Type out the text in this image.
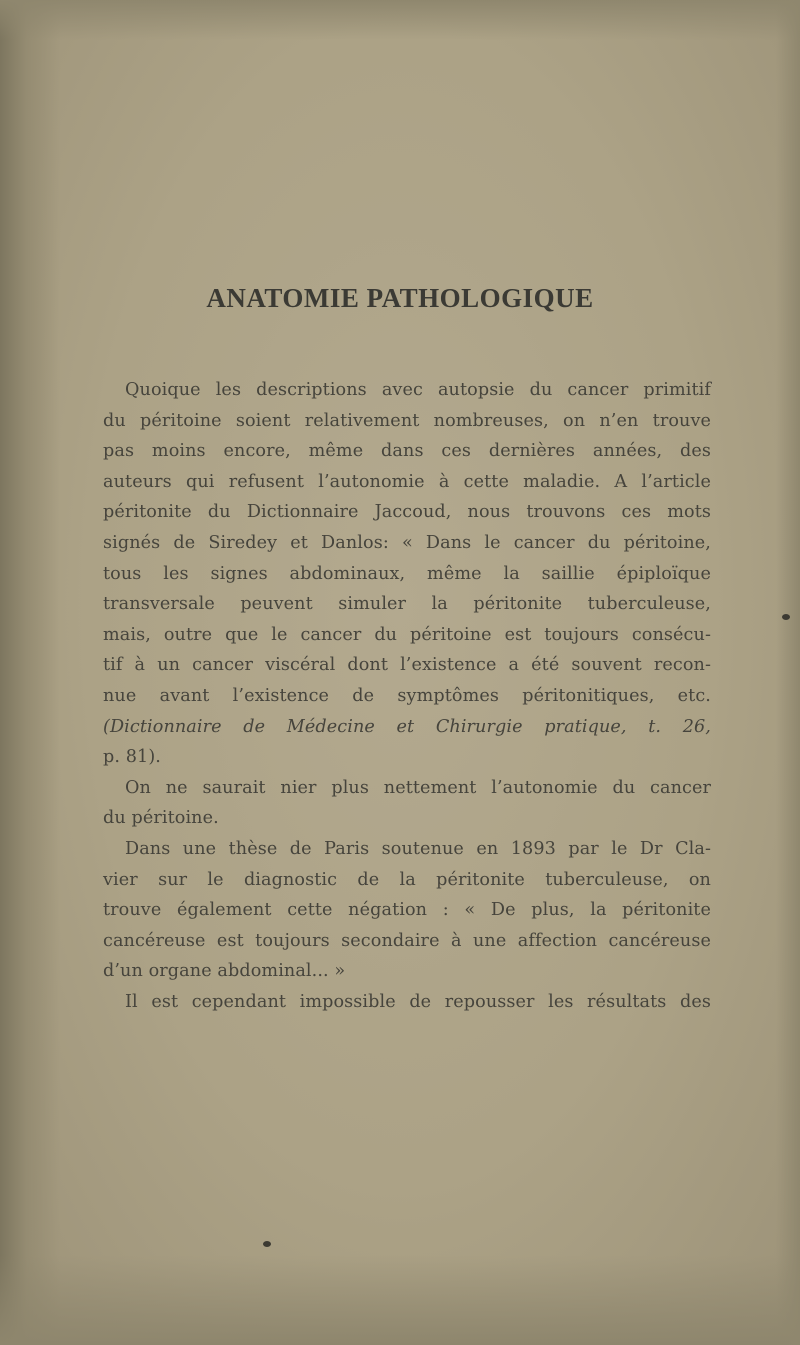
ANATOMIE PATHOLOGIQUE
Quoique les descriptions avec autopsie du cancer primitif
du péritoine soient relativement nombreuses, on n’en trouve
pas moins encore, même dans ces dernières années, des
auteurs qui refusent l’autonomie à cette maladie. A l’article
péritonite du Dictionnaire Jaccoud, nous trouvons ces mots
signés de Siredey et Danlos: « Dans le cancer du péritoine,
tous les signes abdominaux, même la saillie épiploïque
transversale peuvent simuler la péritonite tuberculeuse,
mais, outre que le cancer du péritoine est toujours consécu-
tif à un cancer viscéral dont l’existence a été souvent recon-
nue avant l’existence de symptômes péritonitiques, etc.
(Dictionnaire de Médecine et Chirurgie pratique, t. 26,
p. 81).
On ne saurait nier plus nettement l’autonomie du cancer
du péritoine.
Dans une thèse de Paris soutenue en 1893 par le Dr Cla-
vier sur le diagnostic de la péritonite tuberculeuse, on
trouve également cette négation : « De plus, la péritonite
cancéreuse est toujours secondaire à une affection cancéreuse
d’un organe abdominal... »
Il est cependant impossible de repousser les résultats des
